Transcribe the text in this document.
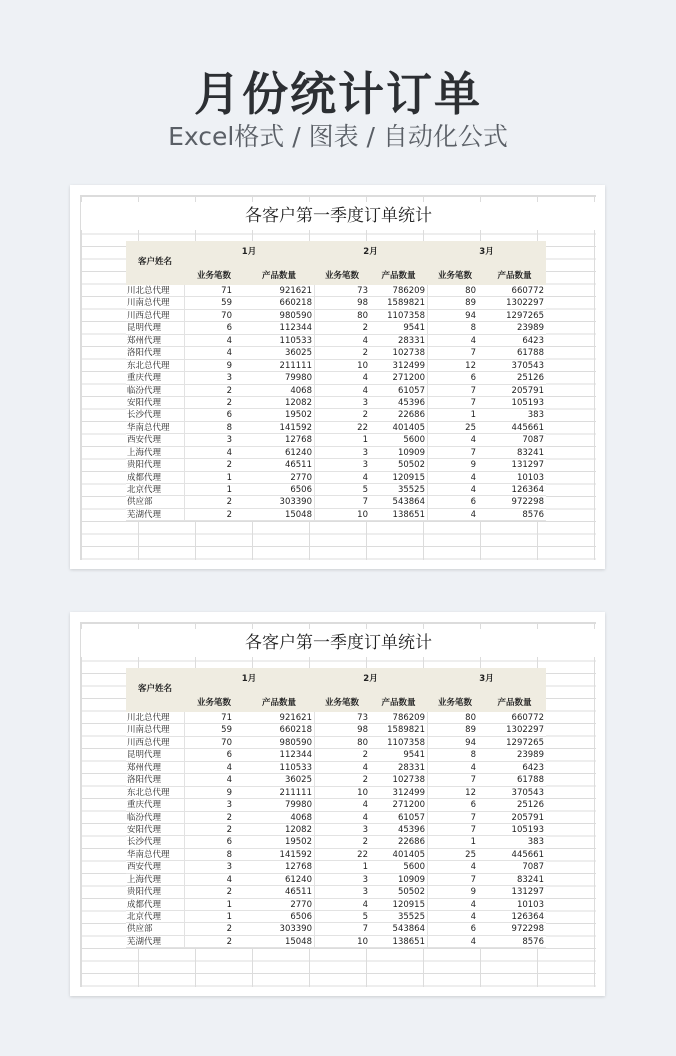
月份统计订单
Excel格式 / 图表 / 自动化公式
各客户第一季度订单统计
客户姓名
1月	2月	3月
业务笔数	产品数量	业务笔数	产品数量	业务笔数	产品数量
川北总代理	71	921621	73	786209	80	660772
川南总代理	59	660218	98	1589821	89	1302297
川西总代理	70	980590	80	1107358	94	1297265
昆明代理	6	112344	2	9541	8	23989
郑州代理	4	110533	4	28331	4	6423
洛阳代理	4	36025	2	102738	7	61788
东北总代理	9	211111	10	312499	12	370543
重庆代理	3	79980	4	271200	6	25126
临汾代理	2	4068	4	61057	7	205791
安阳代理	2	12082	3	45396	7	105193
长沙代理	6	19502	2	22686	1	383
华南总代理	8	141592	22	401405	25	445661
西安代理	3	12768	1	5600	4	7087
上海代理	4	61240	3	10909	7	83241
贵阳代理	2	46511	3	50502	9	131297
成都代理	1	2770	4	120915	4	10103
北京代理	1	6506	5	35525	4	126364
供应部	2	303390	7	543864	6	972298
芜湖代理	2	15048	10	138651	4	8576
各客户第一季度订单统计
客户姓名
1月	2月	3月
业务笔数	产品数量	业务笔数	产品数量	业务笔数	产品数量
川北总代理	71	921621	73	786209	80	660772
川南总代理	59	660218	98	1589821	89	1302297
川西总代理	70	980590	80	1107358	94	1297265
昆明代理	6	112344	2	9541	8	23989
郑州代理	4	110533	4	28331	4	6423
洛阳代理	4	36025	2	102738	7	61788
东北总代理	9	211111	10	312499	12	370543
重庆代理	3	79980	4	271200	6	25126
临汾代理	2	4068	4	61057	7	205791
安阳代理	2	12082	3	45396	7	105193
长沙代理	6	19502	2	22686	1	383
华南总代理	8	141592	22	401405	25	445661
西安代理	3	12768	1	5600	4	7087
上海代理	4	61240	3	10909	7	83241
贵阳代理	2	46511	3	50502	9	131297
成都代理	1	2770	4	120915	4	10103
北京代理	1	6506	5	35525	4	126364
供应部	2	303390	7	543864	6	972298
芜湖代理	2	15048	10	138651	4	8576
